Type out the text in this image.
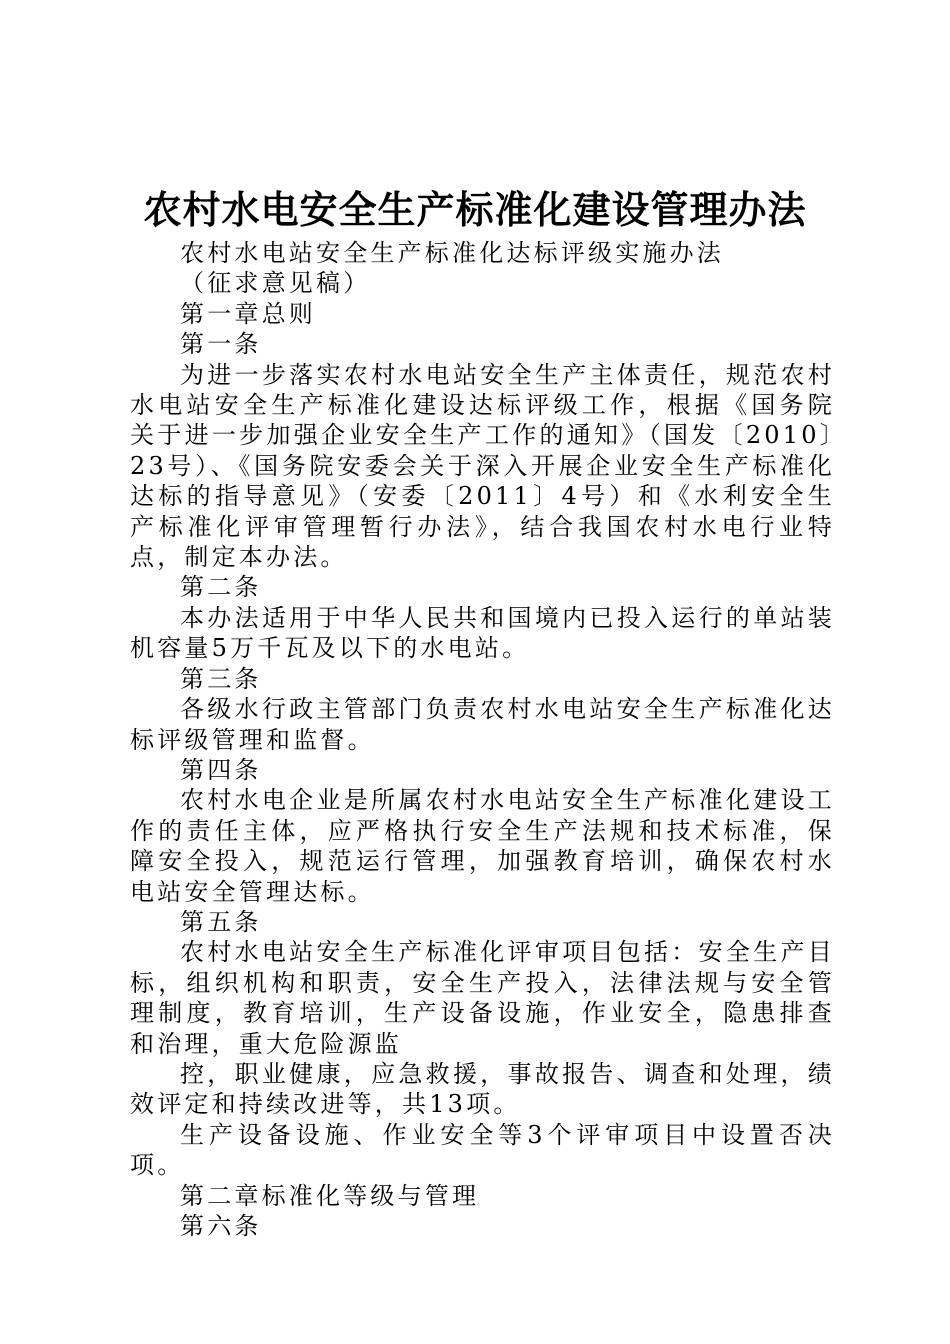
农村水电安全生产标准化建设管理办法

农村水电站安全生产标准化达标评级实施办法

（征求意见稿）

第一章总则

第一条

为进一步落实农村水电站安全生产主体责任，规范农村水电站安全生产标准化建设达标评级工作，根据《国务院关于进一步加强企业安全生产工作的通知》（国发〔2010〕23号）、《国务院安委会关于深入开展企业安全生产标准化达标的指导意见》（安委〔2011〕4号）和《水利安全生产标准化评审管理暂行办法》，结合我国农村水电行业特点，制定本办法。

第二条

本办法适用于中华人民共和国境内已投入运行的单站装机容量5万千瓦及以下的水电站。

第三条

各级水行政主管部门负责农村水电站安全生产标准化达标评级管理和监督。

第四条

农村水电企业是所属农村水电站安全生产标准化建设工作的责任主体，应严格执行安全生产法规和技术标准，保障安全投入，规范运行管理，加强教育培训，确保农村水电站安全管理达标。

第五条

农村水电站安全生产标准化评审项目包括：安全生产目标，组织机构和职责，安全生产投入，法律法规与安全管理制度，教育培训，生产设备设施，作业安全，隐患排查和治理，重大危险源监

控，职业健康，应急救援，事故报告、调查和处理，绩效评定和持续改进等，共13项。

生产设备设施、作业安全等3个评审项目中设置否决项。

第二章标准化等级与管理

第六条
